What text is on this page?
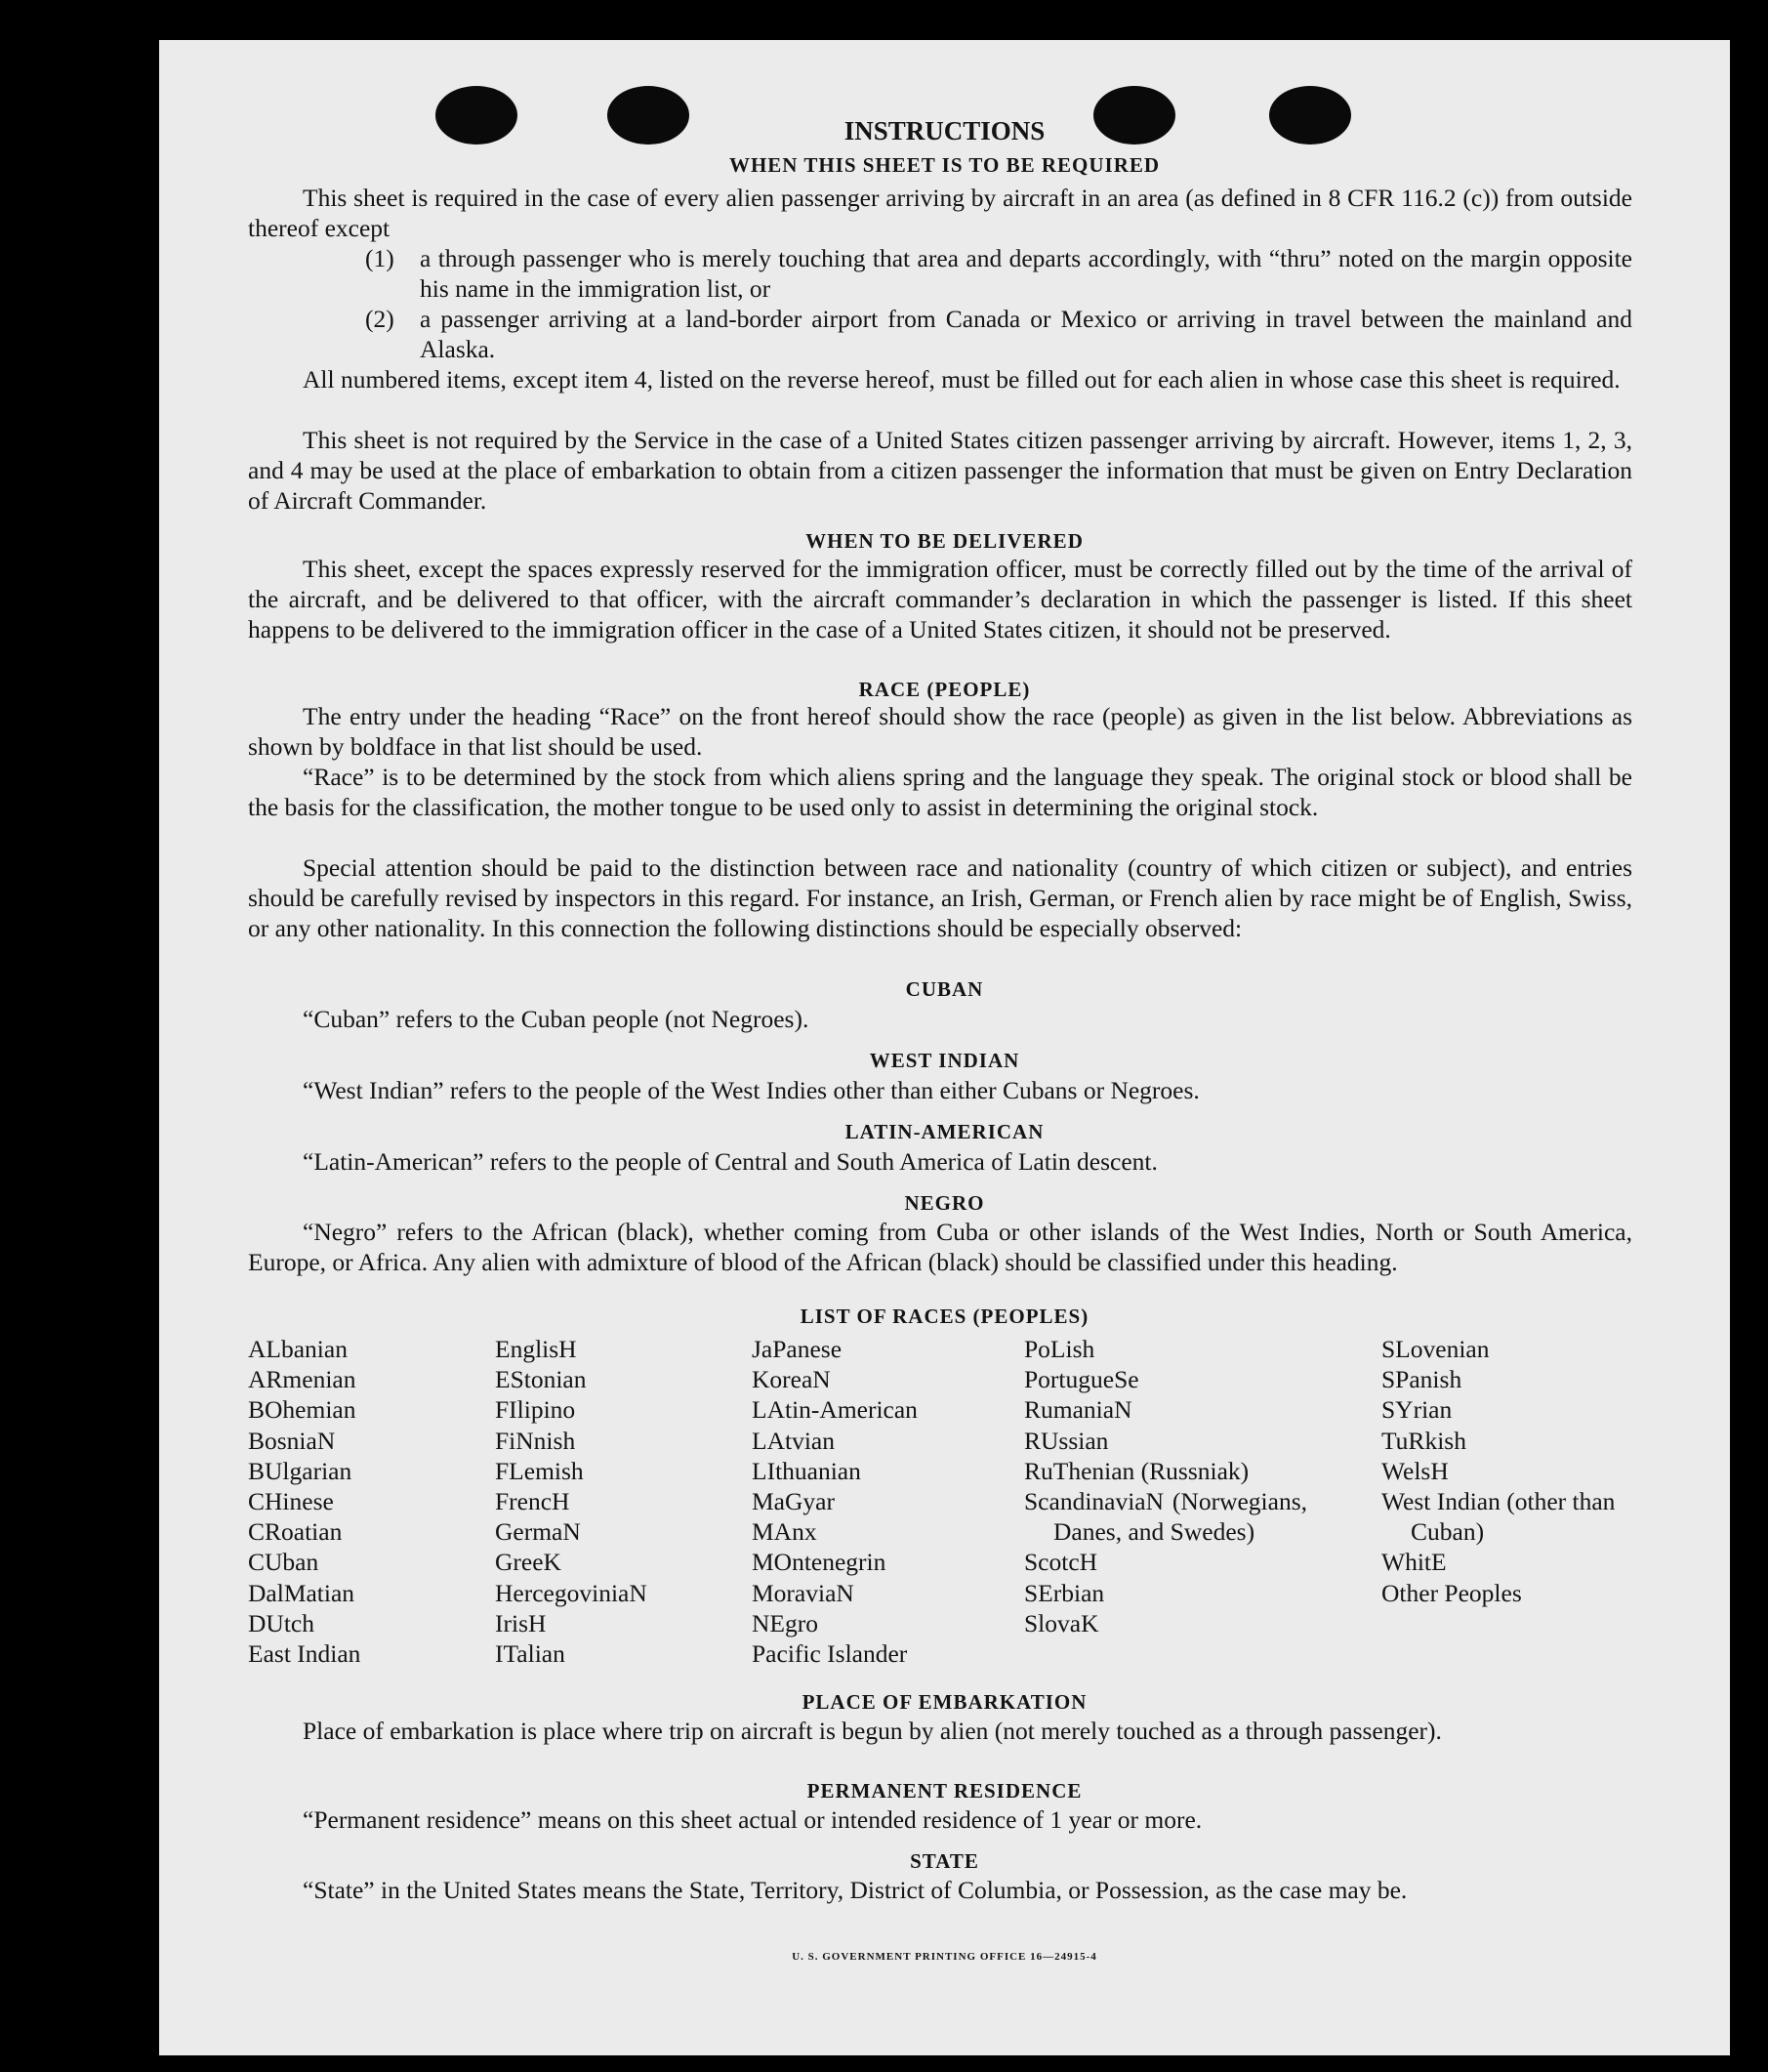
INSTRUCTIONS
WHEN THIS SHEET IS TO BE REQUIRED
This sheet is required in the case of every alien passenger arriving by aircraft in an area (as defined in 8 CFR 116.2 (c)) from outside thereof except
(1)	a through passenger who is merely touching that area and departs accordingly, with “thru” noted on the margin opposite his name in the immigration list, or
(2)	a passenger arriving at a land-border airport from Canada or Mexico or arriving in travel between the mainland and Alaska.
All numbered items, except item 4, listed on the reverse hereof, must be filled out for each alien in whose case this sheet is required.
This sheet is not required by the Service in the case of a United States citizen passenger arriving by aircraft. However, items 1, 2, 3, and 4 may be used at the place of embarkation to obtain from a citizen passenger the information that must be given on Entry Declaration of Aircraft Commander.
WHEN TO BE DELIVERED
This sheet, except the spaces expressly reserved for the immigration officer, must be correctly filled out by the time of the arrival of the aircraft, and be delivered to that officer, with the aircraft commander’s declaration in which the passenger is listed. If this sheet happens to be delivered to the immigration officer in the case of a United States citizen, it should not be preserved.
RACE (PEOPLE)
The entry under the heading “Race” on the front hereof should show the race (people) as given in the list below. Abbreviations as shown by boldface in that list should be used.
“Race” is to be determined by the stock from which aliens spring and the language they speak. The original stock or blood shall be the basis for the classification, the mother tongue to be used only to assist in determining the original stock.
Special attention should be paid to the distinction between race and nationality (country of which citizen or subject), and entries should be carefully revised by inspectors in this regard. For instance, an Irish, German, or French alien by race might be of English, Swiss, or any other nationality. In this connection the following distinctions should be especially observed:
CUBAN
“Cuban” refers to the Cuban people (not Negroes).
WEST INDIAN
“West Indian” refers to the people of the West Indies other than either Cubans or Negroes.
LATIN-AMERICAN
“Latin-American” refers to the people of Central and South America of Latin descent.
NEGRO
“Negro” refers to the African (black), whether coming from Cuba or other islands of the West Indies, North or South America, Europe, or Africa. Any alien with admixture of blood of the African (black) should be classified under this heading.
LIST OF RACES (PEOPLES)
ALbanian
ARmenian
BOhemian
BosniaN
BUlgarian
CHinese
CRoatian
CUban
DalMatian
DUtch
East Indian
EnglisH
EStonian
FIlipino
FiNnish
FLemish
FrencH
GermaN
GreeK
HercegoviniaN
IrisH
ITalian
JaPanese
KoreaN
LAtin-American
LAtvian
LIthuanian
MaGyar
MAnx
MOntenegrin
MoraviaN
NEgro
Pacific Islander
PoLish
PortugueSe
RumaniaN
RUssian
RuThenian (Russniak)
ScandinaviaN (Norwegians, Danes, and Swedes)
ScotcH
SErbian
SlovaK
SLovenian
SPanish
SYrian
TuRkish
WelsH
West Indian (other than Cuban)
WhitE
Other Peoples
PLACE OF EMBARKATION
Place of embarkation is place where trip on aircraft is begun by alien (not merely touched as a through passenger).
PERMANENT RESIDENCE
“Permanent residence” means on this sheet actual or intended residence of 1 year or more.
STATE
“State” in the United States means the State, Territory, District of Columbia, or Possession, as the case may be.
U. S. GOVERNMENT PRINTING OFFICE 16—24915-4
